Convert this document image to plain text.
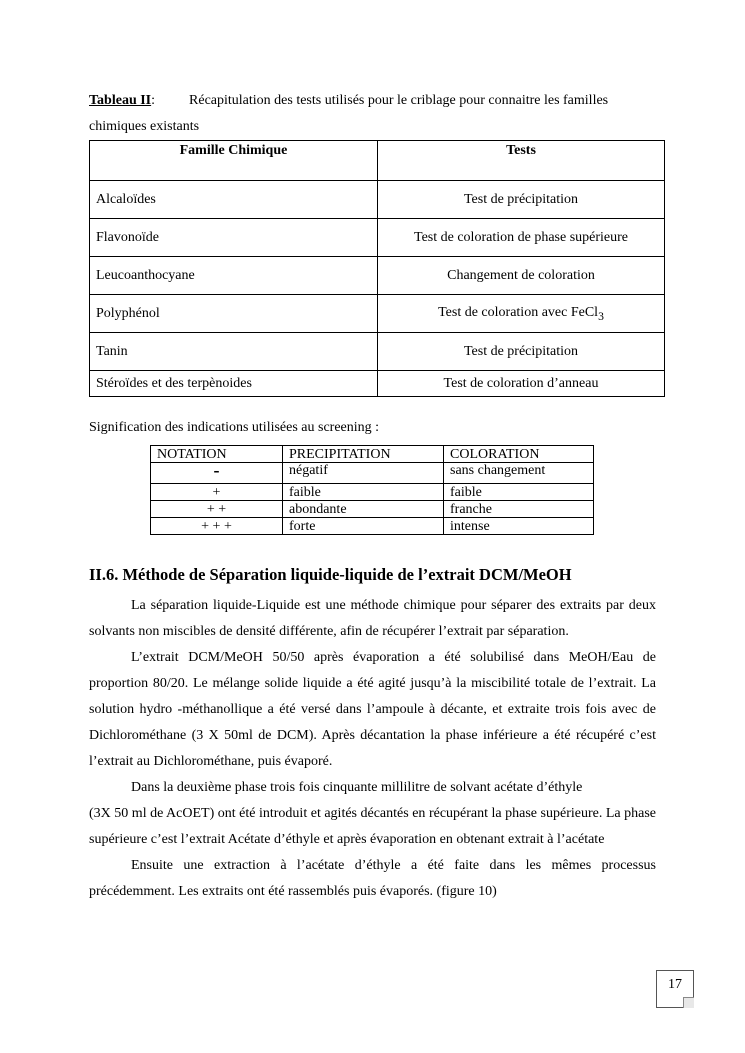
Tableau II: Récapitulation des tests utilisés pour le criblage pour connaitre les familles chimiques existants
Famille Chimique	Tests
Alcaloïdes	Test de précipitation
Flavonoïde	Test de coloration de phase supérieure
Leucoanthocyane	Changement de coloration
Polyphénol	Test de coloration avec FeCl$_3$
Tanin	Test de précipitation
Stéroïdes et des terpènoides	Test de coloration d’anneau
Signification des indications utilisées au screening :
NOTATION	PRECIPITATION	COLORATION
-	négatif	sans changement
+	faible	faible
+ +	abondante	franche
+ + +	forte	intense
II.6. Méthode de Séparation liquide-liquide de l’extrait DCM/MeOH

La séparation liquide-Liquide est une méthode chimique pour séparer des extraits par deux solvants non miscibles de densité différente, afin de récupérer l’extrait par séparation.

L’extrait DCM/MeOH 50/50 après évaporation a été solubilisé dans MeOH/Eau de proportion 80/20. Le mélange solide liquide a été agité jusqu’à la miscibilité totale de l’extrait. La solution hydro -méthanollique a été versé dans l’ampoule à décante, et extraite trois fois avec de Dichlorométhane (3 X 50ml de DCM). Après décantation la phase inférieure a été récupéré c’est l’extrait au Dichlorométhane, puis évaporé.

Dans la deuxième phase trois fois cinquante millilitre de solvant acétate d’éthyle

(3X 50 ml de AcOET) ont été introduit et agités décantés en récupérant la phase supérieure. La phase supérieure c’est l’extrait Acétate d’éthyle et après évaporation en obtenant extrait à l’acétate

Ensuite une extraction à l’acétate d’éthyle a été faite dans les mêmes processus précédemment. Les extraits ont été rassemblés puis évaporés. (figure 10)

17
